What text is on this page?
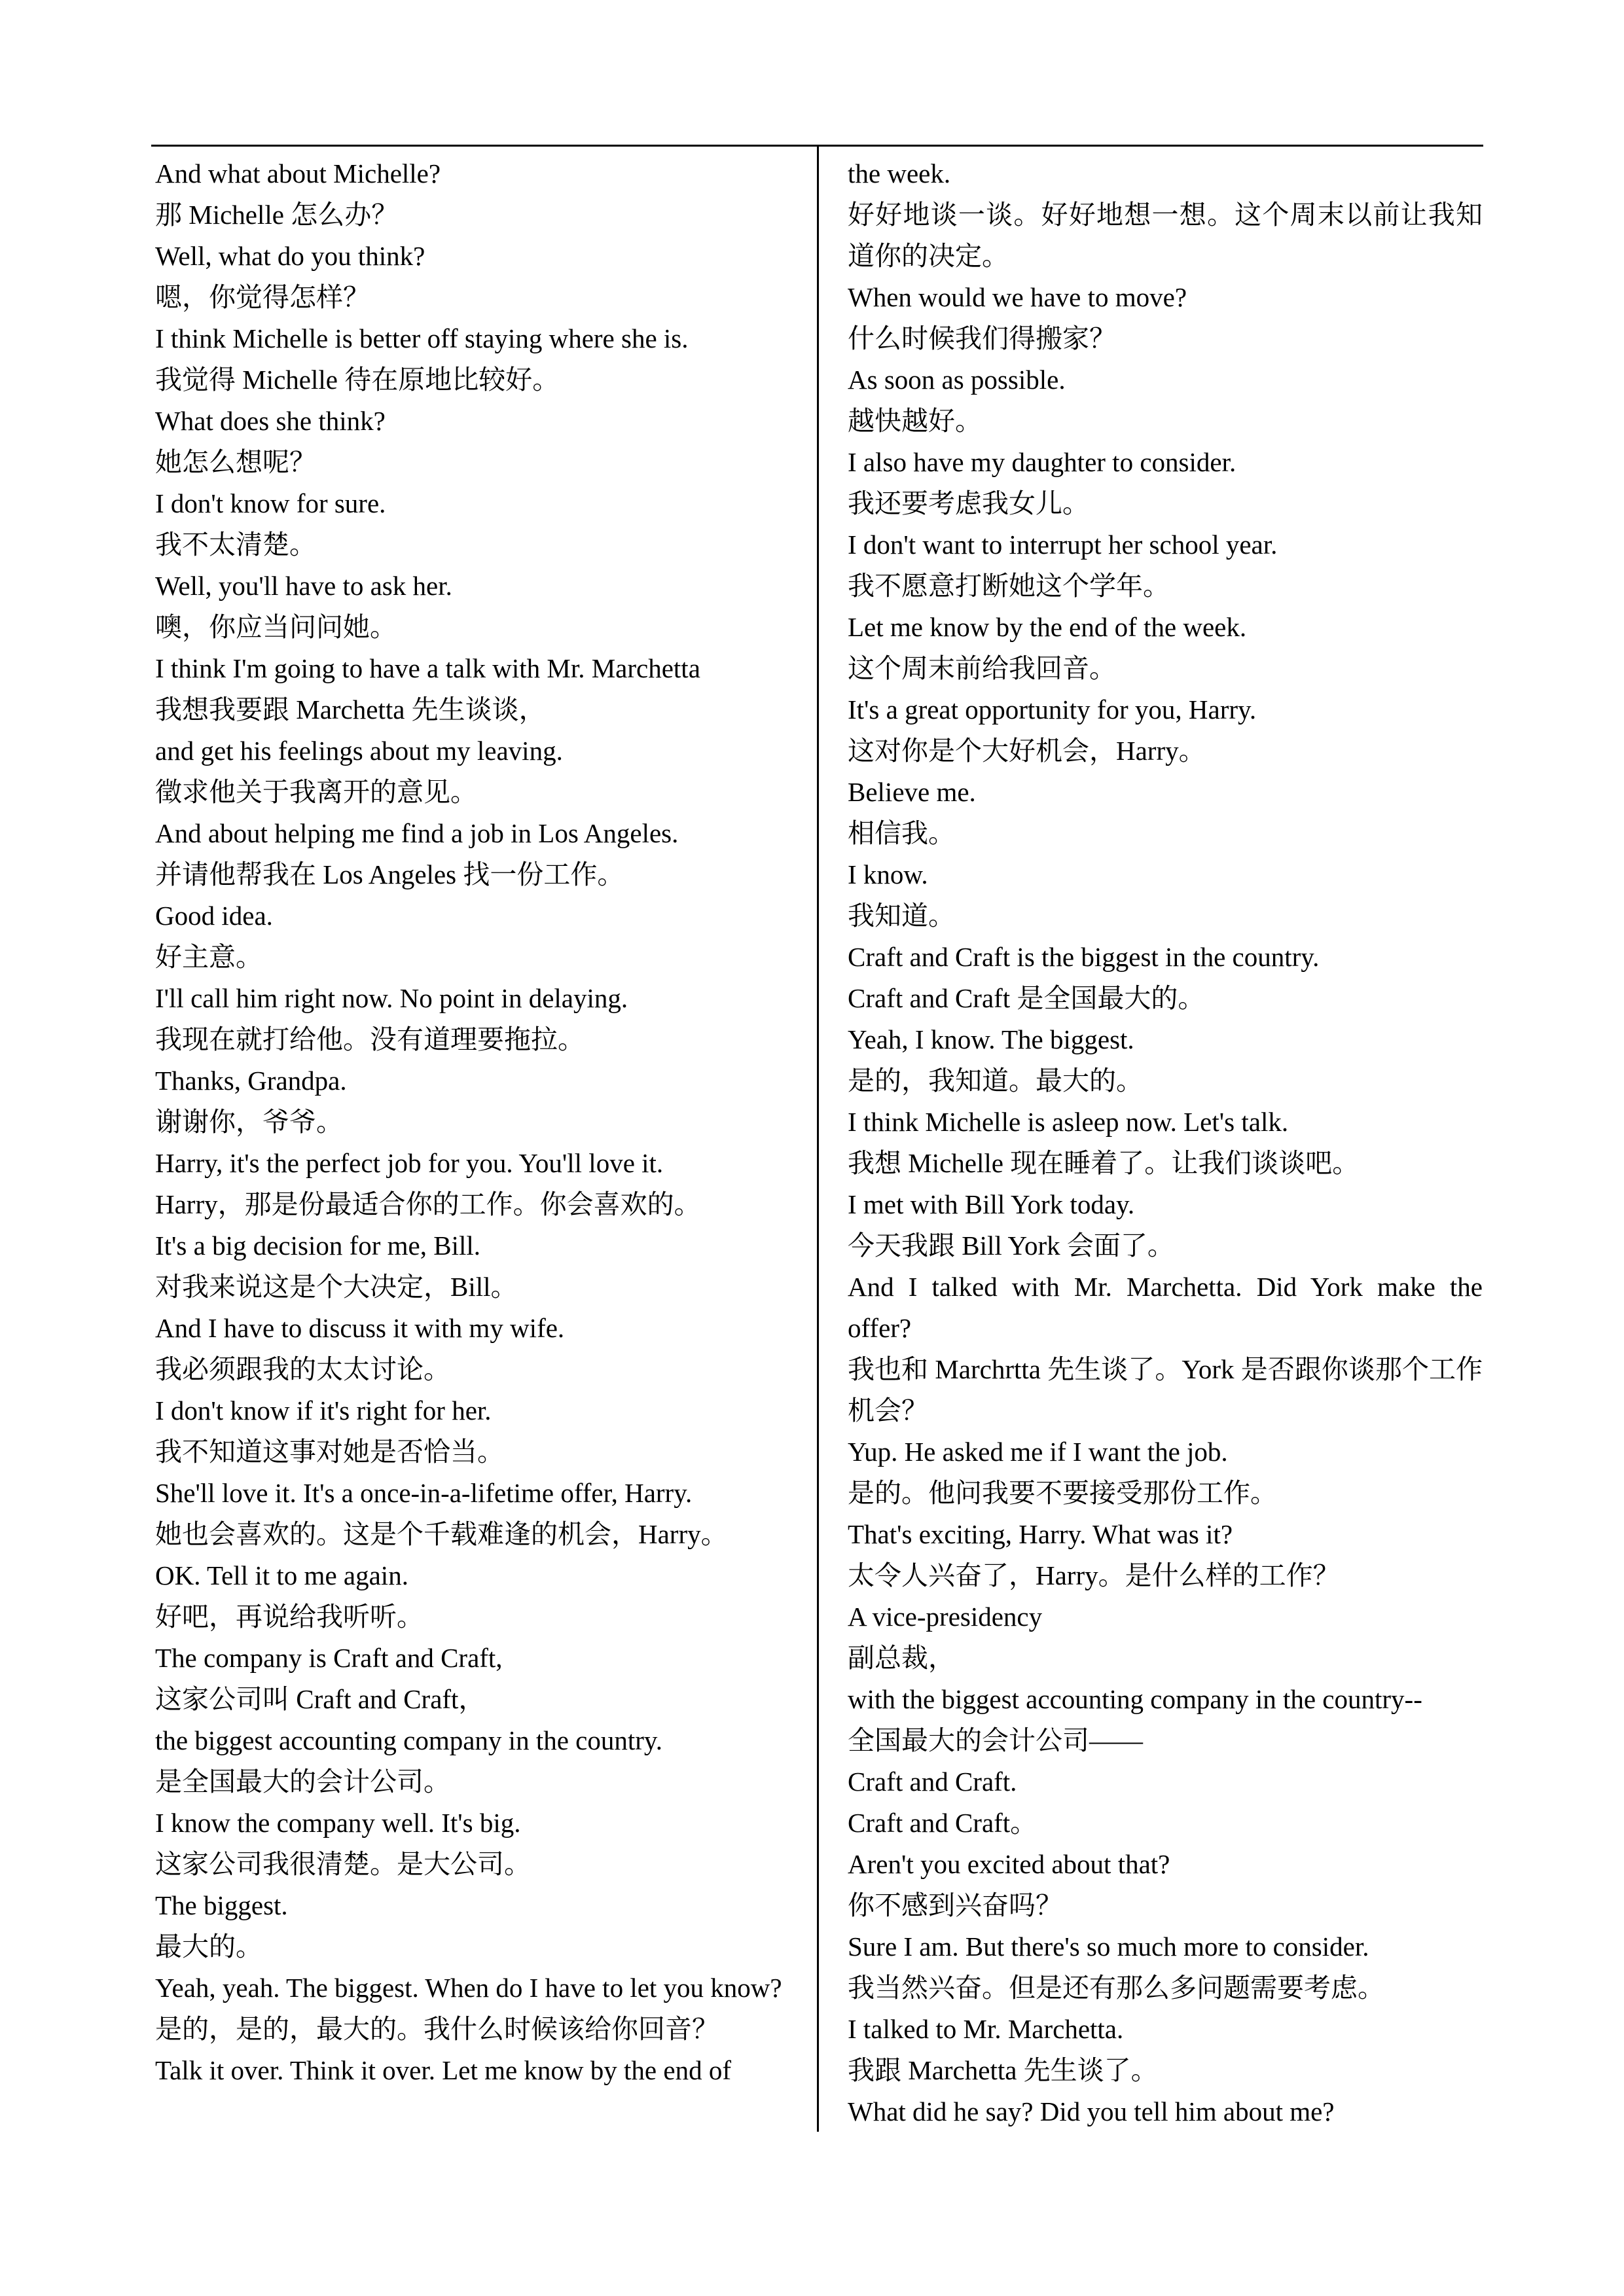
And what about Michelle?
那 Michelle 怎么办？
Well, what do you think?
嗯，你觉得怎样？
I think Michelle is better off staying where she is.
我觉得 Michelle 待在原地比较好。
What does she think?
她怎么想呢？
I don't know for sure.
我不太清楚。
Well, you'll have to ask her.
噢，你应当问问她。
I think I'm going to have a talk with Mr. Marchetta
我想我要跟 Marchetta 先生谈谈，
and get his feelings about my leaving.
徵求他关于我离开的意见。
And about helping me find a job in Los Angeles.
并请他帮我在 Los Angeles 找一份工作。
Good idea.
好主意。
I'll call him right now. No point in delaying.
我现在就打给他。没有道理要拖拉。
Thanks, Grandpa.
谢谢你，爷爷。
Harry, it's the perfect job for you. You'll love it.
Harry，那是份最适合你的工作。你会喜欢的。
It's a big decision for me, Bill.
对我来说这是个大决定，Bill。
And I have to discuss it with my wife.
我必须跟我的太太讨论。
I don't know if it's right for her.
我不知道这事对她是否恰当。
She'll love it. It's a once-in-a-lifetime offer, Harry.
她也会喜欢的。这是个千载难逢的机会，Harry。
OK. Tell it to me again.
好吧，再说给我听听。
The company is Craft and Craft,
这家公司叫 Craft and Craft，
the biggest accounting company in the country.
是全国最大的会计公司。
I know the company well. It's big.
这家公司我很清楚。是大公司。
The biggest.
最大的。
Yeah, yeah. The biggest. When do I have to let you know?
是的，是的，最大的。我什么时候该给你回音？
Talk it over. Think it over. Let me know by the end of
the week.
好好地谈一谈。好好地想一想。这个周末以前让我知道你的决定。
When would we have to move?
什么时候我们得搬家？
As soon as possible.
越快越好。
I also have my daughter to consider.
我还要考虑我女儿。
I don't want to interrupt her school year.
我不愿意打断她这个学年。
Let me know by the end of the week.
这个周末前给我回音。
It's a great opportunity for you, Harry.
这对你是个大好机会，Harry。
Believe me.
相信我。
I know.
我知道。
Craft and Craft is the biggest in the country.
Craft and Craft 是全国最大的。
Yeah, I know. The biggest.
是的，我知道。最大的。
I think Michelle is asleep now. Let's talk.
我想 Michelle 现在睡着了。让我们谈谈吧。
I met with Bill York today.
今天我跟 Bill York 会面了。
And I talked with Mr. Marchetta. Did York make the offer?
我也和 Marchrtta 先生谈了。York 是否跟你谈那个工作机会？
Yup. He asked me if I want the job.
是的。他问我要不要接受那份工作。
That's exciting, Harry. What was it?
太令人兴奋了，Harry。是什么样的工作？
A vice-presidency
副总裁，
with the biggest accounting company in the country--
全国最大的会计公司——
Craft and Craft.
Craft and Craft。
Aren't you excited about that?
你不感到兴奋吗？
Sure I am. But there's so much more to consider.
我当然兴奋。但是还有那么多问题需要考虑。
I talked to Mr. Marchetta.
我跟 Marchetta 先生谈了。
What did he say? Did you tell him about me?
